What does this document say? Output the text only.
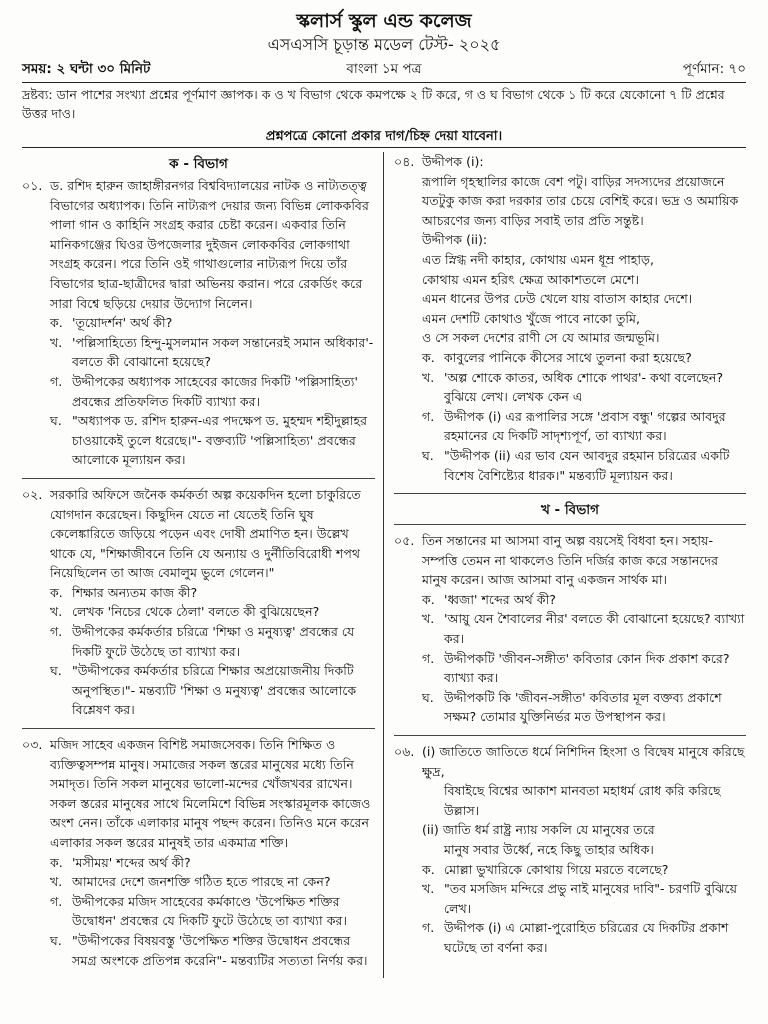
স্কলার্স স্কুল এন্ড কলেজ
এসএসসি চূড়ান্ত মডেল টেস্ট- ২০২৫
সময়: ২ ঘন্টা ৩০ মিনিট	বাংলা ১ম পত্র	পূর্ণমান: ৭০
দ্রষ্টব্য: ডান পাশের সংখ্যা প্রশ্নের পূর্ণমাণ জ্ঞাপক। ক ও খ বিভাগ থেকে কমপক্ষে ২ টি করে, গ ও ঘ বিভাগ থেকে ১ টি করে যেকোনো ৭ টি প্রশ্নের উত্তর দাও।
প্রশ্নপত্রে কোনো প্রকার দাগ/চিহ্ন দেয়া যাবেনা।
ক - বিভাগ
০১. ড. রশিদ হারুন জাহাঙ্গীরনগর বিশ্ববিদ্যালয়ের নাটক ও নাট্যতত্ত্ব বিভাগের অধ্যাপক। তিনি নাট্যরূপ দেয়ার জন্য বিভিন্ন লোককবির পালা গান ও কাহিনি সংগ্রহ করার চেষ্টা করেন। একবার তিনি মানিকগঞ্জের ঘিওর উপজেলার দুইজন লোককবির লোকগাথা সংগ্রহ করেন। পরে তিনি ওই গাথাগুলোর নাট্যরূপ দিয়ে তাঁর বিভাগের ছাত্র-ছাত্রীদের দ্বারা অভিনয় করান। পরে রেকর্ডিং করে সারা বিশ্বে ছড়িয়ে দেয়ার উদ্যোগ নিলেন।

ক. 'তূয়োদর্শন' অর্থ কী?
খ. 'পল্লিসাহিত্যে হিন্দু-মুসলমান সকল সন্তানেরই সমান অধিকার'- বলতে কী বোঝানো হয়েছে?
গ. উদ্দীপকের অধ্যাপক সাহেবের কাজের দিকটি 'পল্লিসাহিত্য' প্রবন্ধের প্রতিফলিত দিকটি ব্যাখ্যা কর।
ঘ. "অধ্যাপক ড. রশিদ হারুন-এর পদক্ষেপ ড. মুহম্মদ শহীদুল্লাহর চাওয়াকেই তুলে ধরেছে।"- বক্তব্যটি 'পল্লিসাহিত্য' প্রবন্ধের আলোকে মূল্যায়ন কর।
০২. সরকারি অফিসে জনৈক কর্মকর্তা অল্প কয়েকদিন হলো চাকুরিতে যোগদান করেছেন। কিছুদিন যেতে না যেতেই তিনি ঘুষ কেলেঙ্কারিতে জড়িয়ে পড়েন এবং দোষী প্রমাণিত হন। উল্লেখ থাকে যে, "শিক্ষাজীবনে তিনি যে অন্যায় ও দুর্নীতিবিরোধী শপথ নিয়েছিলেন তা আজ বেমালুম ভুলে গেলেন।"

ক. শিক্ষার অন্যতম কাজ কী?
খ. লেখক 'নিচের থেকে ঠেলা' বলতে কী বুঝিয়েছেন?
গ. উদ্দীপকের কর্মকর্তার চরিত্রে 'শিক্ষা ও মনুষ্যত্ব' প্রবন্ধের যে দিকটি ফুটে উঠেছে তা ব্যাখ্যা কর।
ঘ. "উদ্দীপকের কর্মকর্তার চরিত্রে শিক্ষার অপ্রয়োজনীয় দিকটি অনুপস্থিত।"- মন্তব্যটি 'শিক্ষা ও মনুষ্যত্ব' প্রবন্ধের আলোকে বিশ্লেষণ কর।
০৩. মজিদ সাহেব একজন বিশিষ্ট সমাজসেবক। তিনি শিক্ষিত ও ব্যক্তিত্বসম্পন্ন মানুষ। সমাজের সকল স্তরের মানুষের মধ্যে তিনি সমাদৃত। তিনি সকল মানুষের ভালো-মন্দের খোঁজখবর রাখেন। সকল স্তরের মানুষের সাথে মিলেমিশে বিভিন্ন সংস্কারমূলক কাজেও অংশ নেন। তাঁকে এলাকার মানুষ পছন্দ করেন। তিনিও মনে করেন এলাকার সকল স্তরের মানুষই তার একমাত্র শক্তি।

ক. 'মসীময়' শব্দের অর্থ কী?
খ. আমাদের দেশে জনশক্তি গঠিত হতে পারছে না কেন?
গ. উদ্দীপকের মজিদ সাহেবের কর্মকাণ্ডে 'উপেক্ষিত শক্তির উদ্বোধন' প্রবন্ধের যে দিকটি ফুটে উঠেছে তা ব্যাখ্যা কর।
ঘ. "উদ্দীপকের বিষয়বস্তু 'উপেক্ষিত শক্তির উদ্বোধন প্রবন্ধের সমগ্র অংশকে প্রতিপন্ন করেনি"- মন্তব্যটির সত্যতা নির্ণয় কর।
০৪. উদ্দীপক (i):

রূপালি গৃহস্থালির কাজে বেশ পটু। বাড়ির সদস্যদের প্রয়োজনে যতটুকু কাজ করা দরকার তার চেয়ে বেশিই করে। ভদ্র ও অমায়িক আচরণের জন্য বাড়ির সবাই তার প্রতি সন্তুষ্ট।

উদ্দীপক (ii):
এত স্নিগ্ধ নদী কাহার, কোথায় এমন ধূম্র পাহাড়,
কোথায় এমন হরিৎ ক্ষেত্র আকাশতলে মেশে।
এমন ধানের উপর ঢেউ খেলে যায় বাতাস কাহার দেশে।
এমন দেশটি কোথাও খুঁজে পাবে নাকো তুমি,
ও সে সকল দেশের রাণী সে যে আমার জন্মভূমি।
ক. কাবুলের পানিকে কীসের সাথে তুলনা করা হয়েছে?
খ. 'অল্প শোকে কাতর, অধিক শোকে পাথর'- কথা বলেছেন? বুঝিয়ে লেখ। লেখক কেন এ
গ. উদ্দীপক (i) এর রূপালির সঙ্গে 'প্রবাস বন্ধু' গল্পের আবদুর রহমানের যে দিকটি সাদৃশ্যপূর্ণ, তা ব্যাখ্যা কর।
ঘ. "উদ্দীপক (ii) এর ভাব যেন আবদুর রহমান চরিত্রের একটি বিশেষ বৈশিষ্ট্যের ধারক।" মন্তব্যটি মূল্যায়ন কর।
খ - বিভাগ
০৫. তিন সন্তানের মা আসমা বানু অল্প বয়সেই বিধবা হন। সহায়-সম্পত্তি তেমন না থাকলেও তিনি দর্জির কাজ করে সন্তানদের মানুষ করেন। আজ আসমা বানু একজন সার্থক মা।

ক. 'ধ্বজা' শব্দের অর্থ কী?
খ. 'আয়ু যেন শৈবালের নীর' বলতে কী বোঝানো হয়েছে? ব্যাখ্যা কর।
গ. উদ্দীপকটি 'জীবন-সঙ্গীত' কবিতার কোন দিক প্রকাশ করে? ব্যাখ্যা কর।
ঘ. উদ্দীপকটি কি 'জীবন-সঙ্গীত' কবিতার মূল বক্তব্য প্রকাশে সক্ষম? তোমার যুক্তিনির্ভর মত উপস্থাপন কর।
০৬. (i) জাতিতে জাতিতে ধর্মে নিশিদিন হিংসা ও বিদ্বেষ মানুষে করিছে ক্ষুদ্র,
বিষাইছে বিশ্বের আকাশ মানবতা মহাধর্ম রোধ করি করিছে উল্লাস।
(ii) জাতি ধর্ম রাষ্ট্র ন্যায় সকলি যে মানুষের তরে
মানুষ সবার উর্ধ্বে, নহে কিছু তাহার অধিক।
ক. মোল্লা ভুখারিকে কোথায় গিয়ে মরতে বলেছে?
খ. "তব মসজিদ মন্দিরে প্রভু নাই মানুষের দাবি"- চরণটি বুঝিয়ে লেখ।
গ. উদ্দীপক (i) এ মোল্লা-পুরোহিত চরিত্রের যে দিকটির প্রকাশ ঘটেছে তা বর্ণনা কর।
